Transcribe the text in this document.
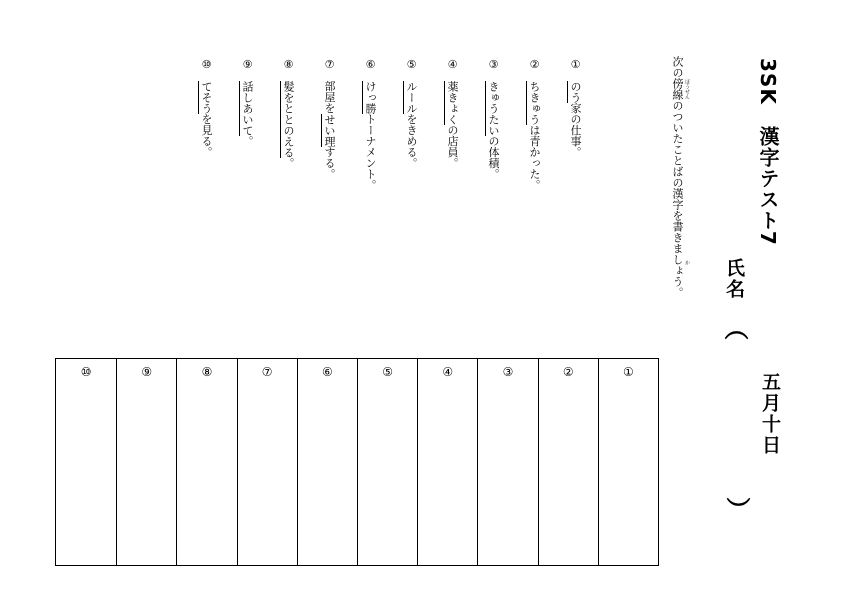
3SK　漢字テスト7
五月十日
氏名
（
）
次の傍線のついたことばの漢字を書きましょう。 ぼうせん
か
① のう家の仕事。
② ちきゅうは青かった。
③ きゅうたいの体積。
④ 薬きょくの店員。
⑤ ルールをきめる。
⑥ けっ勝トーナメント。
⑦ 部屋をせい理する。
⑧ 髪をととのえる。
⑨ 話しあいて。
⑩ てそうを見る。
①
②
③
④
⑤
⑥
⑦
⑧
⑨
⑩
